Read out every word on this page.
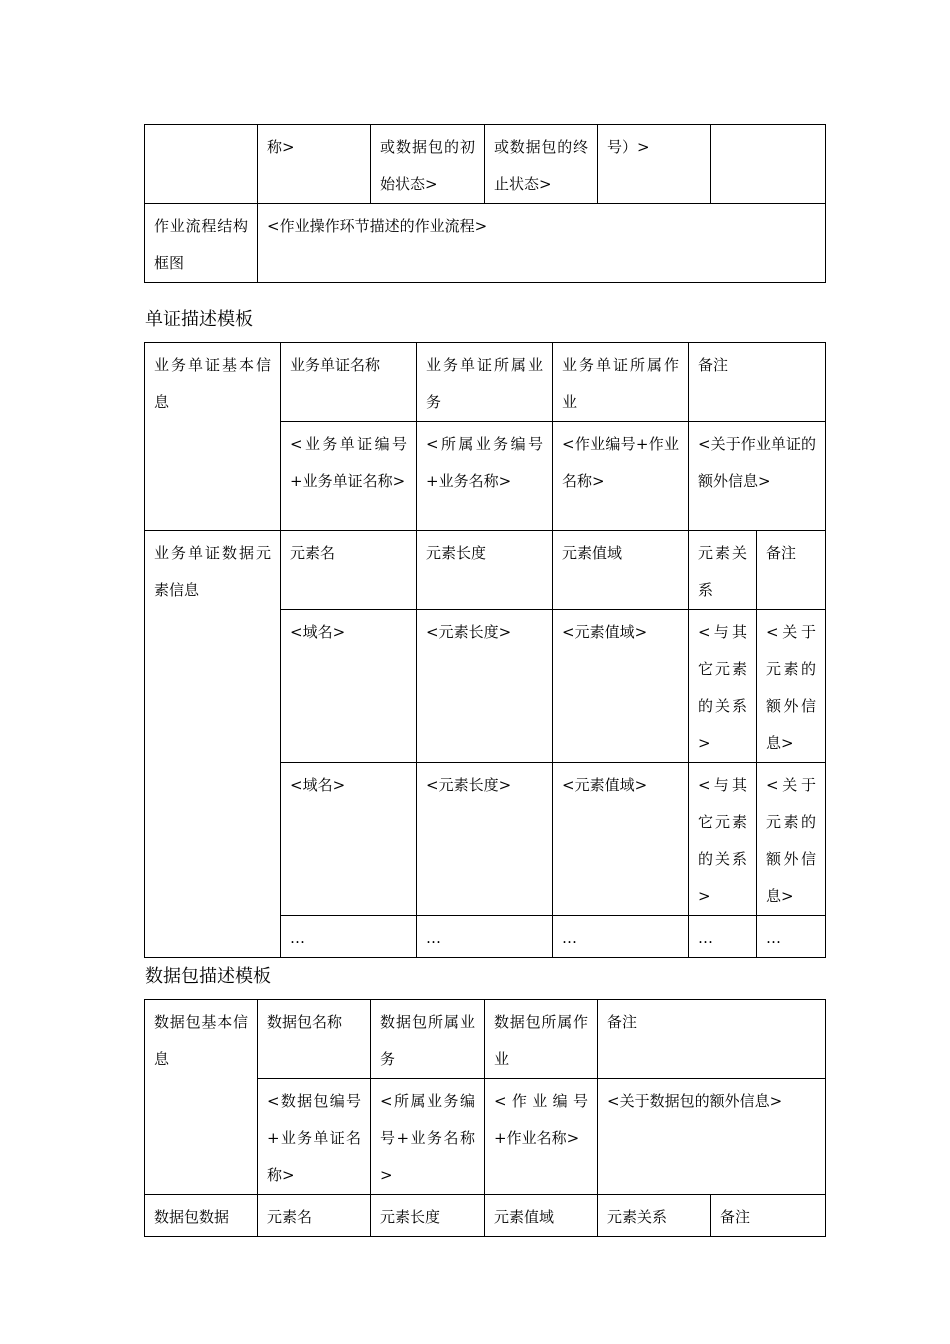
	称>	或数据包的初始状态>	或数据包的终止状态>	号）>	
作业流程结构框图	<作业操作环节描述的作业流程>				
单证描述模板
业务单证基本信息	业务单证名称	业务单证所属业务	业务单证所属作业	备注	
	<业务单证编号+业务单证名称>	<所属业务编号+业务名称>	<作业编号+作业名称>	<关于作业单证的额外信息>	
业务单证数据元素信息	元素名	元素长度	元素值域	元素关系	备注
	<域名>	<元素长度>	<元素值域>	<与其它元素的关系>	<关于元素的额外信息>
	<域名>	<元素长度>	<元素值域>	<与其它元素的关系>	<关于元素的额外信息>
	…	…	…	…	…
数据包描述模板
数据包基本信息	数据包名称	数据包所属业务	数据包所属作业	备注	
	<数据包编号+业务单证名称>	<所属业务编号+业务名称>	<作业编号+作业名称>	<关于数据包的额外信息>	
数据包数据	元素名	元素长度	元素值域	元素关系	备注
